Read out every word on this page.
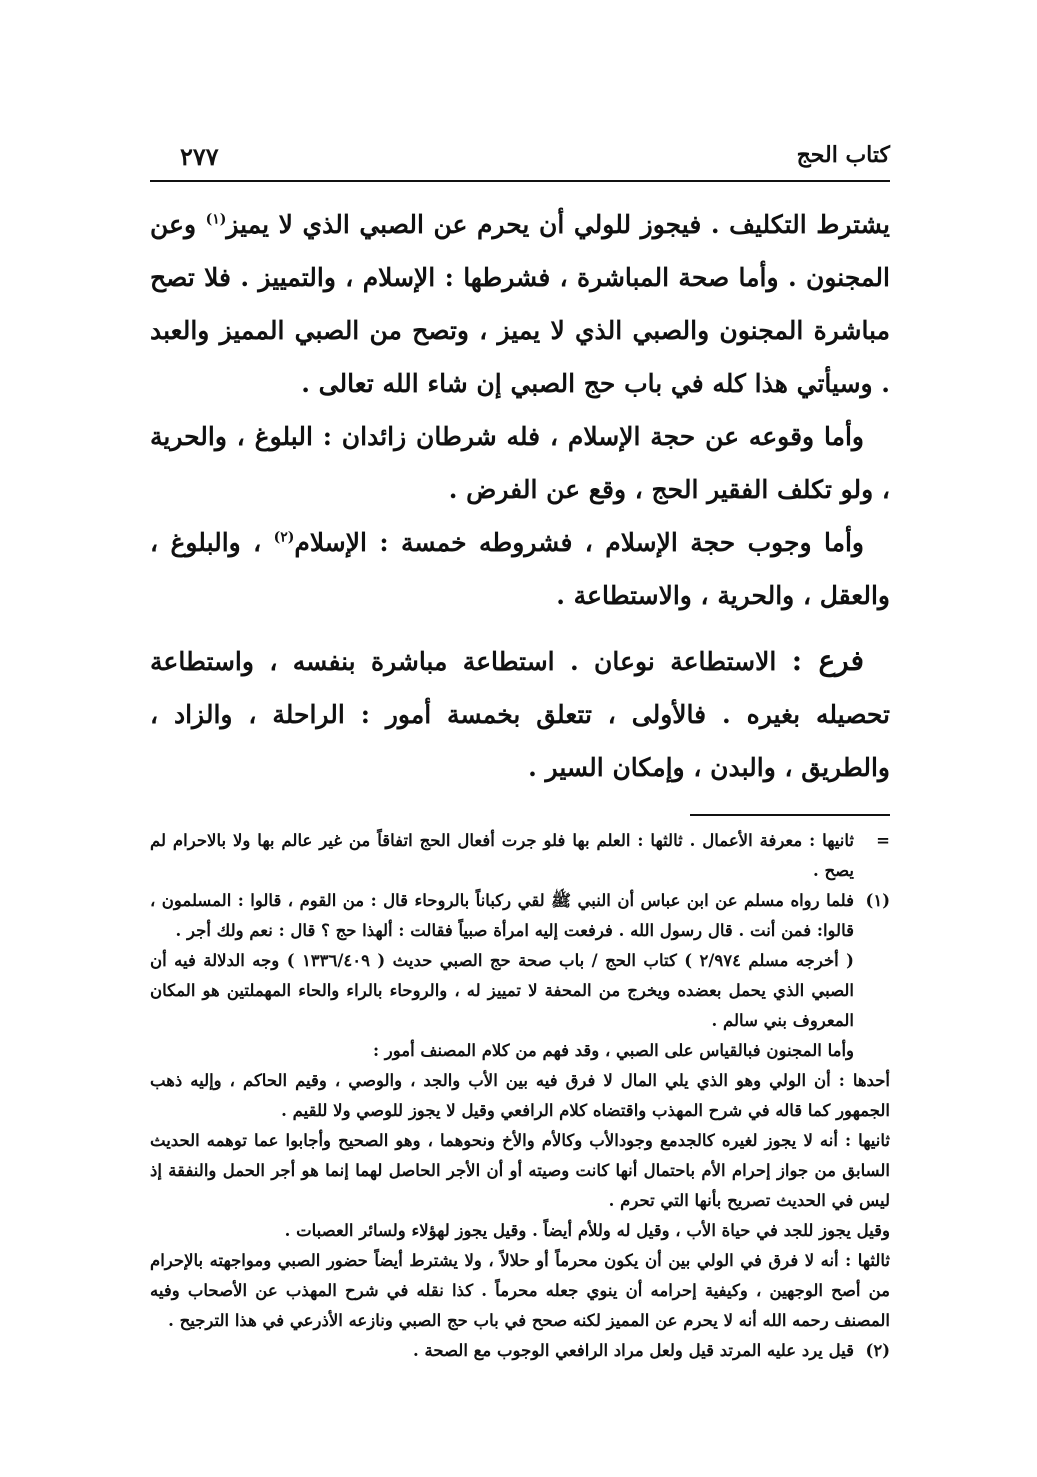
كتاب الحج
٢٧٧

يشترط التكليف . فيجوز للولي أن يحرم عن الصبي الذي لا يميز$^{(١)}$ وعن المجنون . وأما صحة المباشرة ، فشرطها : الإسلام ، والتمييز . فلا تصح مباشرة المجنون والصبي الذي لا يميز ، وتصح من الصبي المميز والعبد . وسيأتي هذا كله في باب حج الصبي إن شاء الله تعالى .

وأما وقوعه عن حجة الإسلام ، فله شرطان زائدان : البلوغ ، والحرية ، ولو تكلف الفقير الحج ، وقع عن الفرض .

وأما وجوب حجة الإسلام ، فشروطه خمسة : الإسلام$^{(٢)}$ ، والبلوغ ، والعقل ، والحرية ، والاستطاعة .

فرع : الاستطاعة نوعان . استطاعة مباشرة بنفسه ، واستطاعة تحصيله بغيره . فالأولى ، تتعلق بخمسة أمور : الراحلة ، والزاد ، والطريق ، والبدن ، وإمكان السير .

=
ثانيها : معرفة الأعمال . ثالثها : العلم بها فلو جرت أفعال الحج اتفاقاً من غير عالم بها ولا بالاحرام لم يصح .

(١)
فلما رواه مسلم عن ابن عباس أن النبي ﷺ لقي ركباناً بالروحاء قال : من القوم ، قالوا : المسلمون ، قالوا: فمن أنت . قال رسول الله . فرفعت إليه امرأة صبياً فقالت : ألهذا حج ؟ قال : نعم ولك أجر .

( أخرجه مسلم ٢/٩٧٤ ) كتاب الحج / باب صحة حج الصبي حديث ( ١٣٣٦/٤٠٩ ) وجه الدلالة فيه أن الصبي الذي يحمل بعضده ويخرج من المحفة لا تمييز له ، والروحاء بالراء والحاء المهملتين هو المكان المعروف بني سالم .

وأما المجنون فبالقياس على الصبي ، وقد فهم من كلام المصنف أمور :

أحدها : أن الولي وهو الذي يلي المال لا فرق فيه بين الأب والجد ، والوصي ، وقيم الحاكم ، وإليه ذهب الجمهور كما قاله في شرح المهذب واقتضاه كلام الرافعي وقيل لا يجوز للوصي ولا للقيم .

ثانيها : أنه لا يجوز لغيره كالجدمع وجودالأب وكالأم والأخ ونحوهما ، وهو الصحيح وأجابوا عما توهمه الحديث السابق من جواز إحرام الأم باحتمال أنها كانت وصيته أو أن الأجر الحاصل لهما إنما هو أجر الحمل والنفقة إذ ليس في الحديث تصريح بأنها التي تحرم .

وقيل يجوز للجد في حياة الأب ، وقيل له وللأم أيضاً . وقيل يجوز لهؤلاء ولسائر العصبات .

ثالثها : أنه لا فرق في الولي بين أن يكون محرماً أو حلالاً ، ولا يشترط أيضاً حضور الصبي ومواجهته بالإحرام من أصح الوجهين ، وكيفية إحرامه أن ينوي جعله محرماً . كذا نقله في شرح المهذب عن الأصحاب وفيه المصنف رحمه الله أنه لا يحرم عن المميز لكنه صحح في باب حج الصبي ونازعه الأذرعي في هذا الترجيح .

(٢)
قيل يرد عليه المرتد قيل ولعل مراد الرافعي الوجوب مع الصحة .
